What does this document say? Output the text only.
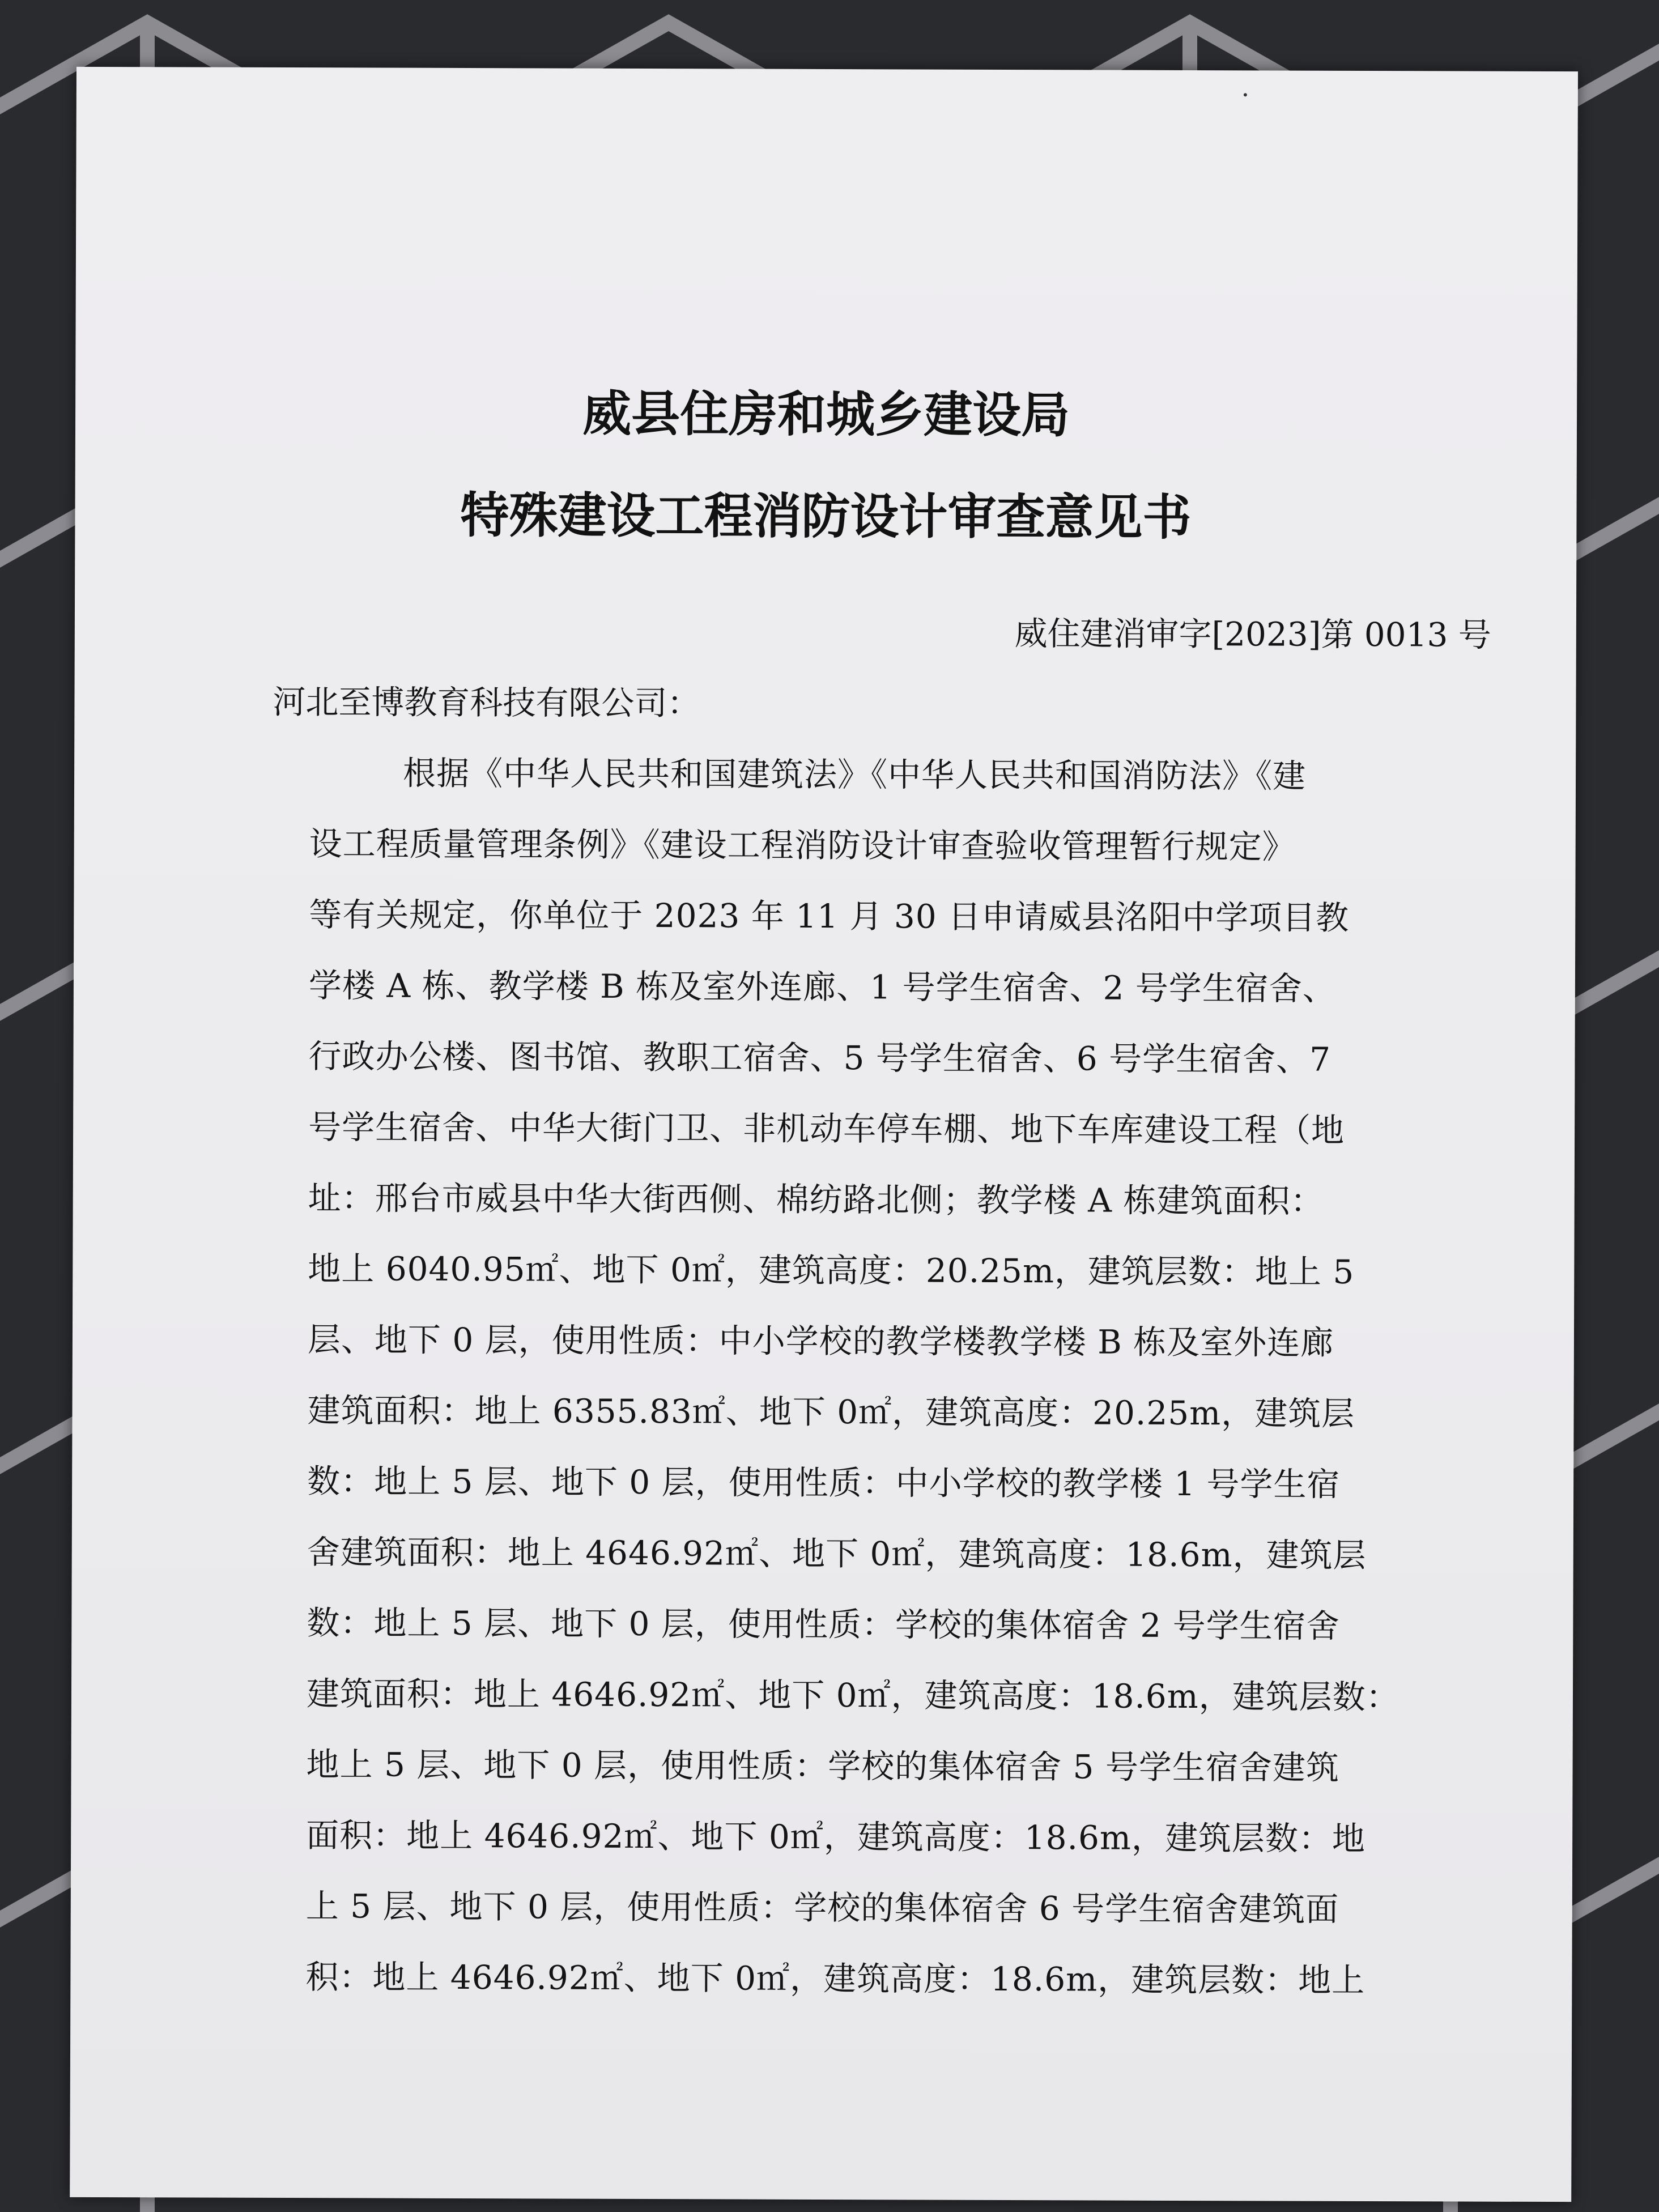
威县住房和城乡建设局
特殊建设工程消防设计审查意见书
威住建消审字[2023]第 0013 号
河北至博教育科技有限公司：
根据《中华人民共和国建筑法》《中华人民共和国消防法》《建
设工程质量管理条例》《建设工程消防设计审查验收管理暂行规定》
等有关规定，你单位于 2023 年 11 月 30 日申请威县洺阳中学项目教
学楼 A 栋、教学楼 B 栋及室外连廊、1 号学生宿舍、2 号学生宿舍、
行政办公楼、图书馆、教职工宿舍、5 号学生宿舍、6 号学生宿舍、7
号学生宿舍、中华大街门卫、非机动车停车棚、地下车库建设工程（地
址：邢台市威县中华大街西侧、棉纺路北侧；教学楼 A 栋建筑面积：
地上 6040.95㎡、地下 0㎡，建筑高度：20.25m，建筑层数：地上 5
层、地下 0 层，使用性质：中小学校的教学楼教学楼 B 栋及室外连廊
建筑面积：地上 6355.83㎡、地下 0㎡，建筑高度：20.25m，建筑层
数：地上 5 层、地下 0 层，使用性质：中小学校的教学楼 1 号学生宿
舍建筑面积：地上 4646.92㎡、地下 0㎡，建筑高度：18.6m，建筑层
数：地上 5 层、地下 0 层，使用性质：学校的集体宿舍 2 号学生宿舍
建筑面积：地上 4646.92㎡、地下 0㎡，建筑高度：18.6m，建筑层数：
地上 5 层、地下 0 层，使用性质：学校的集体宿舍 5 号学生宿舍建筑
面积：地上 4646.92㎡、地下 0㎡，建筑高度：18.6m，建筑层数：地
上 5 层、地下 0 层，使用性质：学校的集体宿舍 6 号学生宿舍建筑面
积：地上 4646.92㎡、地下 0㎡，建筑高度：18.6m，建筑层数：地上
